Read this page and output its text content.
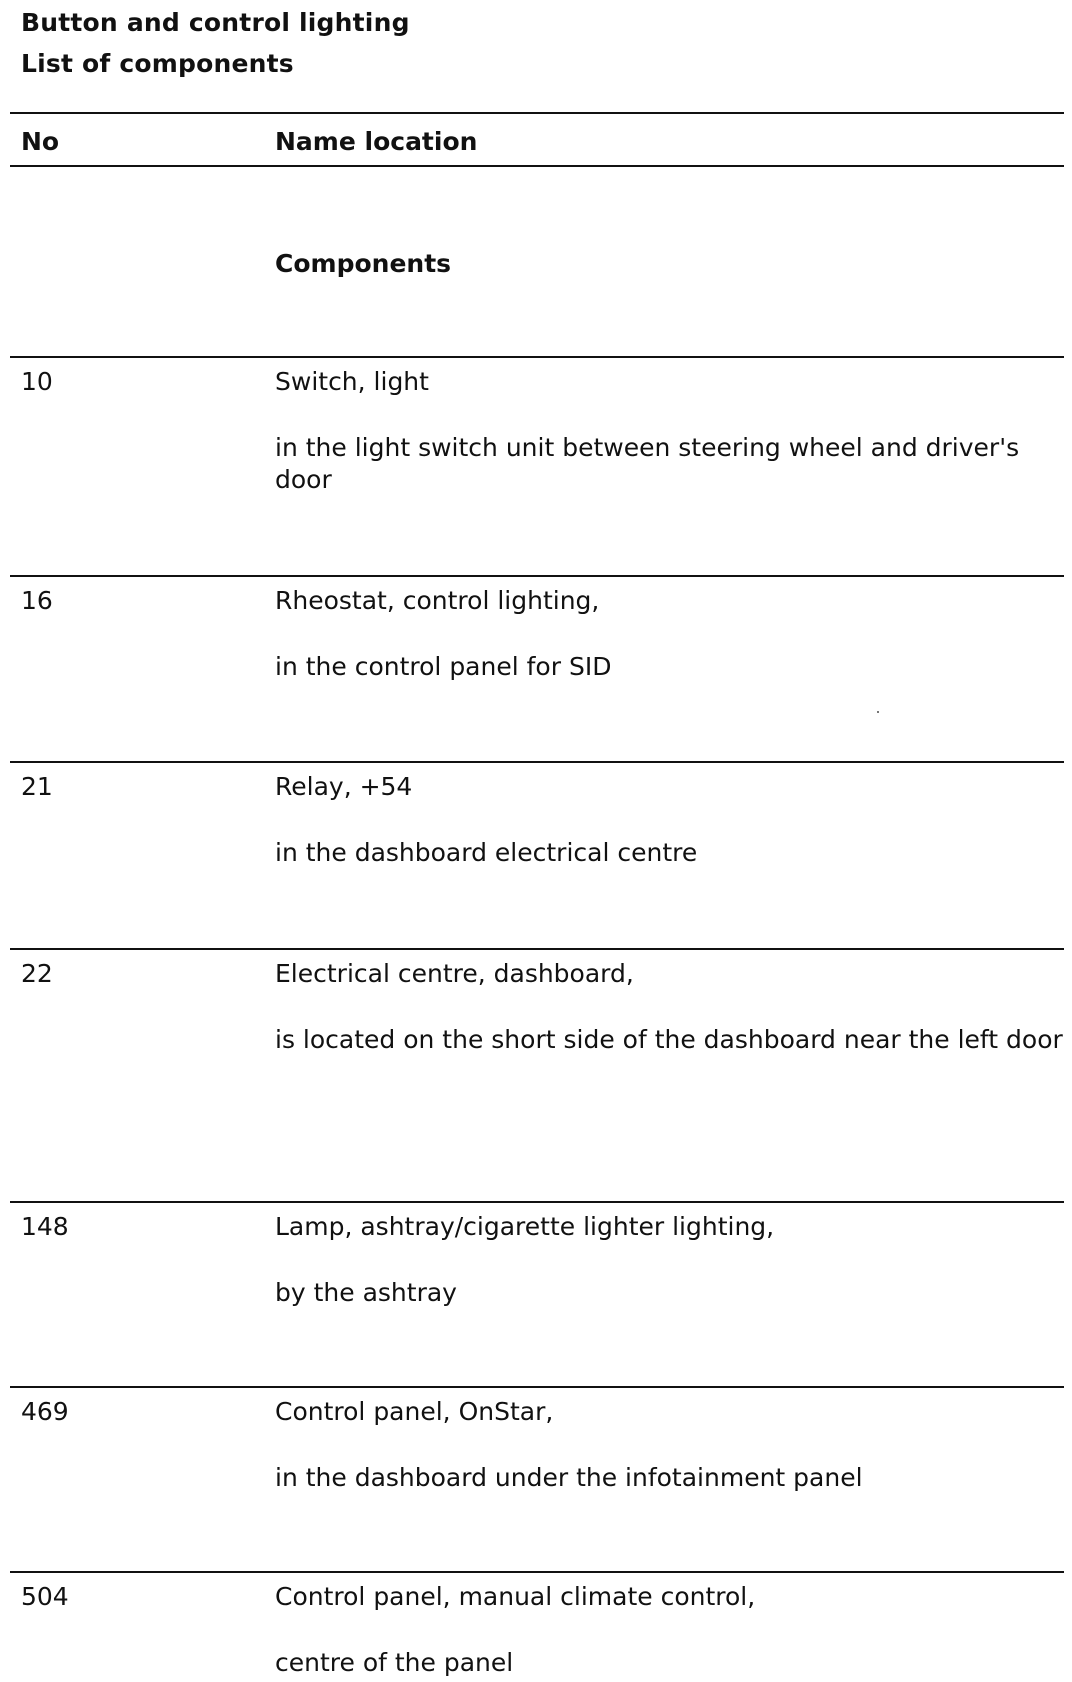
Button and control lighting
List of components
No	Name location
Components
10	Switch, light
in the light switch unit between steering wheel and driver's door
16	Rheostat, control lighting,
in the control panel for SID
21	Relay, +54
in the dashboard electrical centre
22	Electrical centre, dashboard,
is located on the short side of the dashboard near the left door
148	Lamp, ashtray/cigarette lighter lighting,
by the ashtray
469	Control panel, OnStar,
in the dashboard under the infotainment panel
504	Control panel, manual climate control,
centre of the panel
